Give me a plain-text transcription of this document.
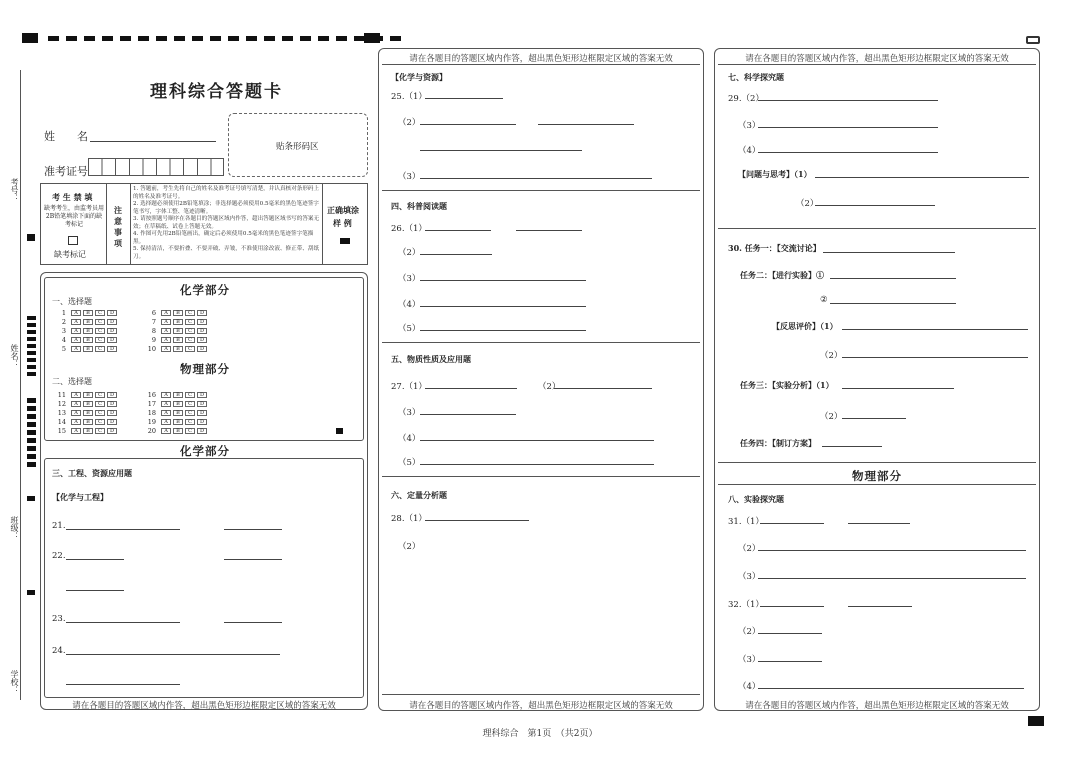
考号：
姓名：
班级：
学校：
理科综合答题卡
姓　　名
准考证号
贴条形码区
考 生 禁 填
缺考考生，由监考员用2B铅笔填涂下面的缺考标记
缺考标记
注意事项
1. 答题前，考生先将自己的姓名及准考证号填写清楚，并认真核对条形码上的姓名及准考证号。
2. 选择题必须使用2B铅笔填涂；非选择题必须使用0.5毫米的黑色笔迹签字笔书写，字体工整、笔迹清晰。
3. 请按照题号顺序在各题目的答题区域内作答，超出答题区域书写的答案无效；在草稿纸、试卷上答题无效。
4. 作图可先用2B铅笔画出，确定后必须使用0.5毫米的黑色笔迹签字笔描黑。
5. 保持清洁，不要折叠、不要弄破、弄皱，不准使用涂改液、修正带、刮纸刀。
正确填涂
样 例
化学部分
一、选择题
1	A	B	C	D
2	A	B	C	D
3	A	B	C	D
4	A	B	C	D
5	A	B	C	D
6	A	B	C	D
7	A	B	C	D
8	A	B	C	D
9	A	B	C	D
10	A	B	C	D
物理部分
二、选择题
11	A	B	C	D
12	A	B	C	D
13	A	B	C	D
14	A	B	C	D
15	A	B	C	D
16	A	B	C	D
17	A	B	C	D
18	A	B	C	D
19	A	B	C	D
20	A	B	C	D
化学部分
三、工程、资源应用题
【化学与工程】
21.
22.
23.
24.
请在各题目的答题区域内作答，超出黑色矩形边框限定区域的答案无效
请在各题目的答题区域内作答，超出黑色矩形边框限定区域的答案无效
【化学与资源】
25.（1）
（2）
（3）
四、科普阅读题
26.（1）
（2）
（3）
（4）
（5）
五、物质性质及应用题
27.（1）	（2）
（3）
（4）
（5）
六、定量分析题
28.（1）
（2）
请在各题目的答题区域内作答，超出黑色矩形边框限定区域的答案无效
请在各题目的答题区域内作答，超出黑色矩形边框限定区域的答案无效
七、科学探究题
29.（2）
（3）
（4）
【问题与思考】（1）
（2）
30. 任务一：【交流讨论】
任务二：【进行实验】①
②
【反思评价】（1）
（2）
任务三：【实验分析】（1）
（2）
任务四：【制订方案】
物理部分
八、实验探究题
31.（1）
（2）
（3）
32.（1）
（2）
（3）
（4）
请在各题目的答题区域内作答，超出黑色矩形边框限定区域的答案无效
理科综合　第1页　（共2页）
